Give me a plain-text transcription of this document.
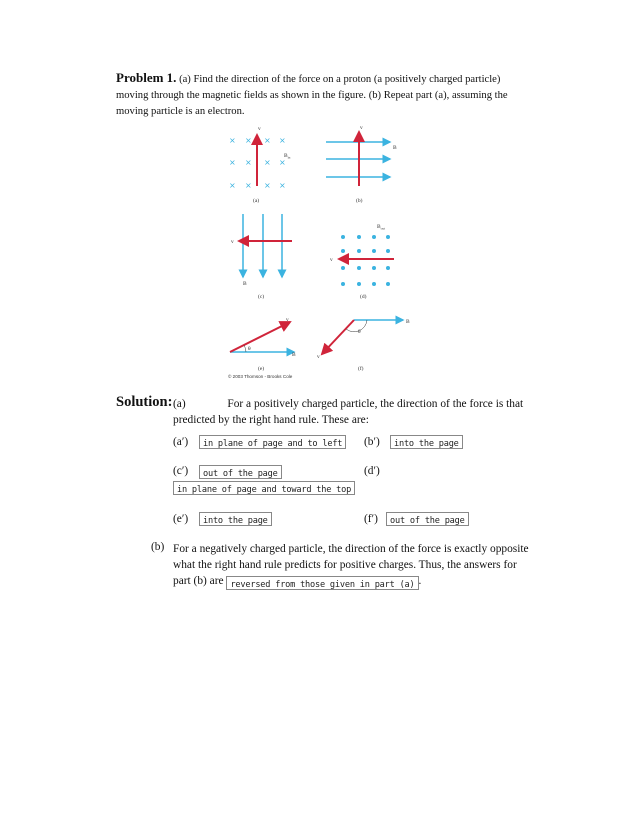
Problem 1. (a) Find the direction of the force on a proton (a positively charged particle) moving through the magnetic fields as shown in the figure. (b) Repeat part (a), assuming the moving particle is an electron.
× × × ×
× × × ×
× × × ×
v
$B_{in}$
(a)
v
B
(b)
v
B
(c)
v
$B_{out}$
(d)
θ
v
B
(e)
θ
v
B
(f)
© 2003 Thomson - Brooks Cole
Solution: (a)	For a positively charged particle, the direction of the force is that predicted by the right hand rule. These are:
(a′)	in plane of page and to left	(b′)	into the page
(c′)	out of the page	(d′)
in plane of page and toward the top
(e′)	into the page	(f′)	out of the page
(b) For a negatively charged particle, the direction of the force is exactly opposite what the right hand rule predicts for positive charges. Thus, the answers for part (b) are reversed from those given in part (a) .
